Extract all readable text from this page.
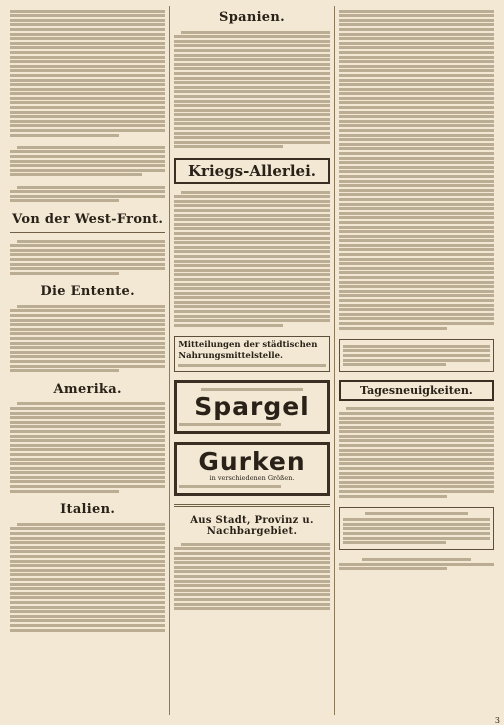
Von der West-Front.
Die Entente.
Amerika.
Italien.
Spanien.
Kriegs-Allerlei.
Mitteilungen der städtischen Nahrungsmittelstelle.
Spargel
Gurken
in verschiedenen Größen.
Aus Stadt, Provinz u. Nachbargebiet.
Tagesneuigkeiten.
3
